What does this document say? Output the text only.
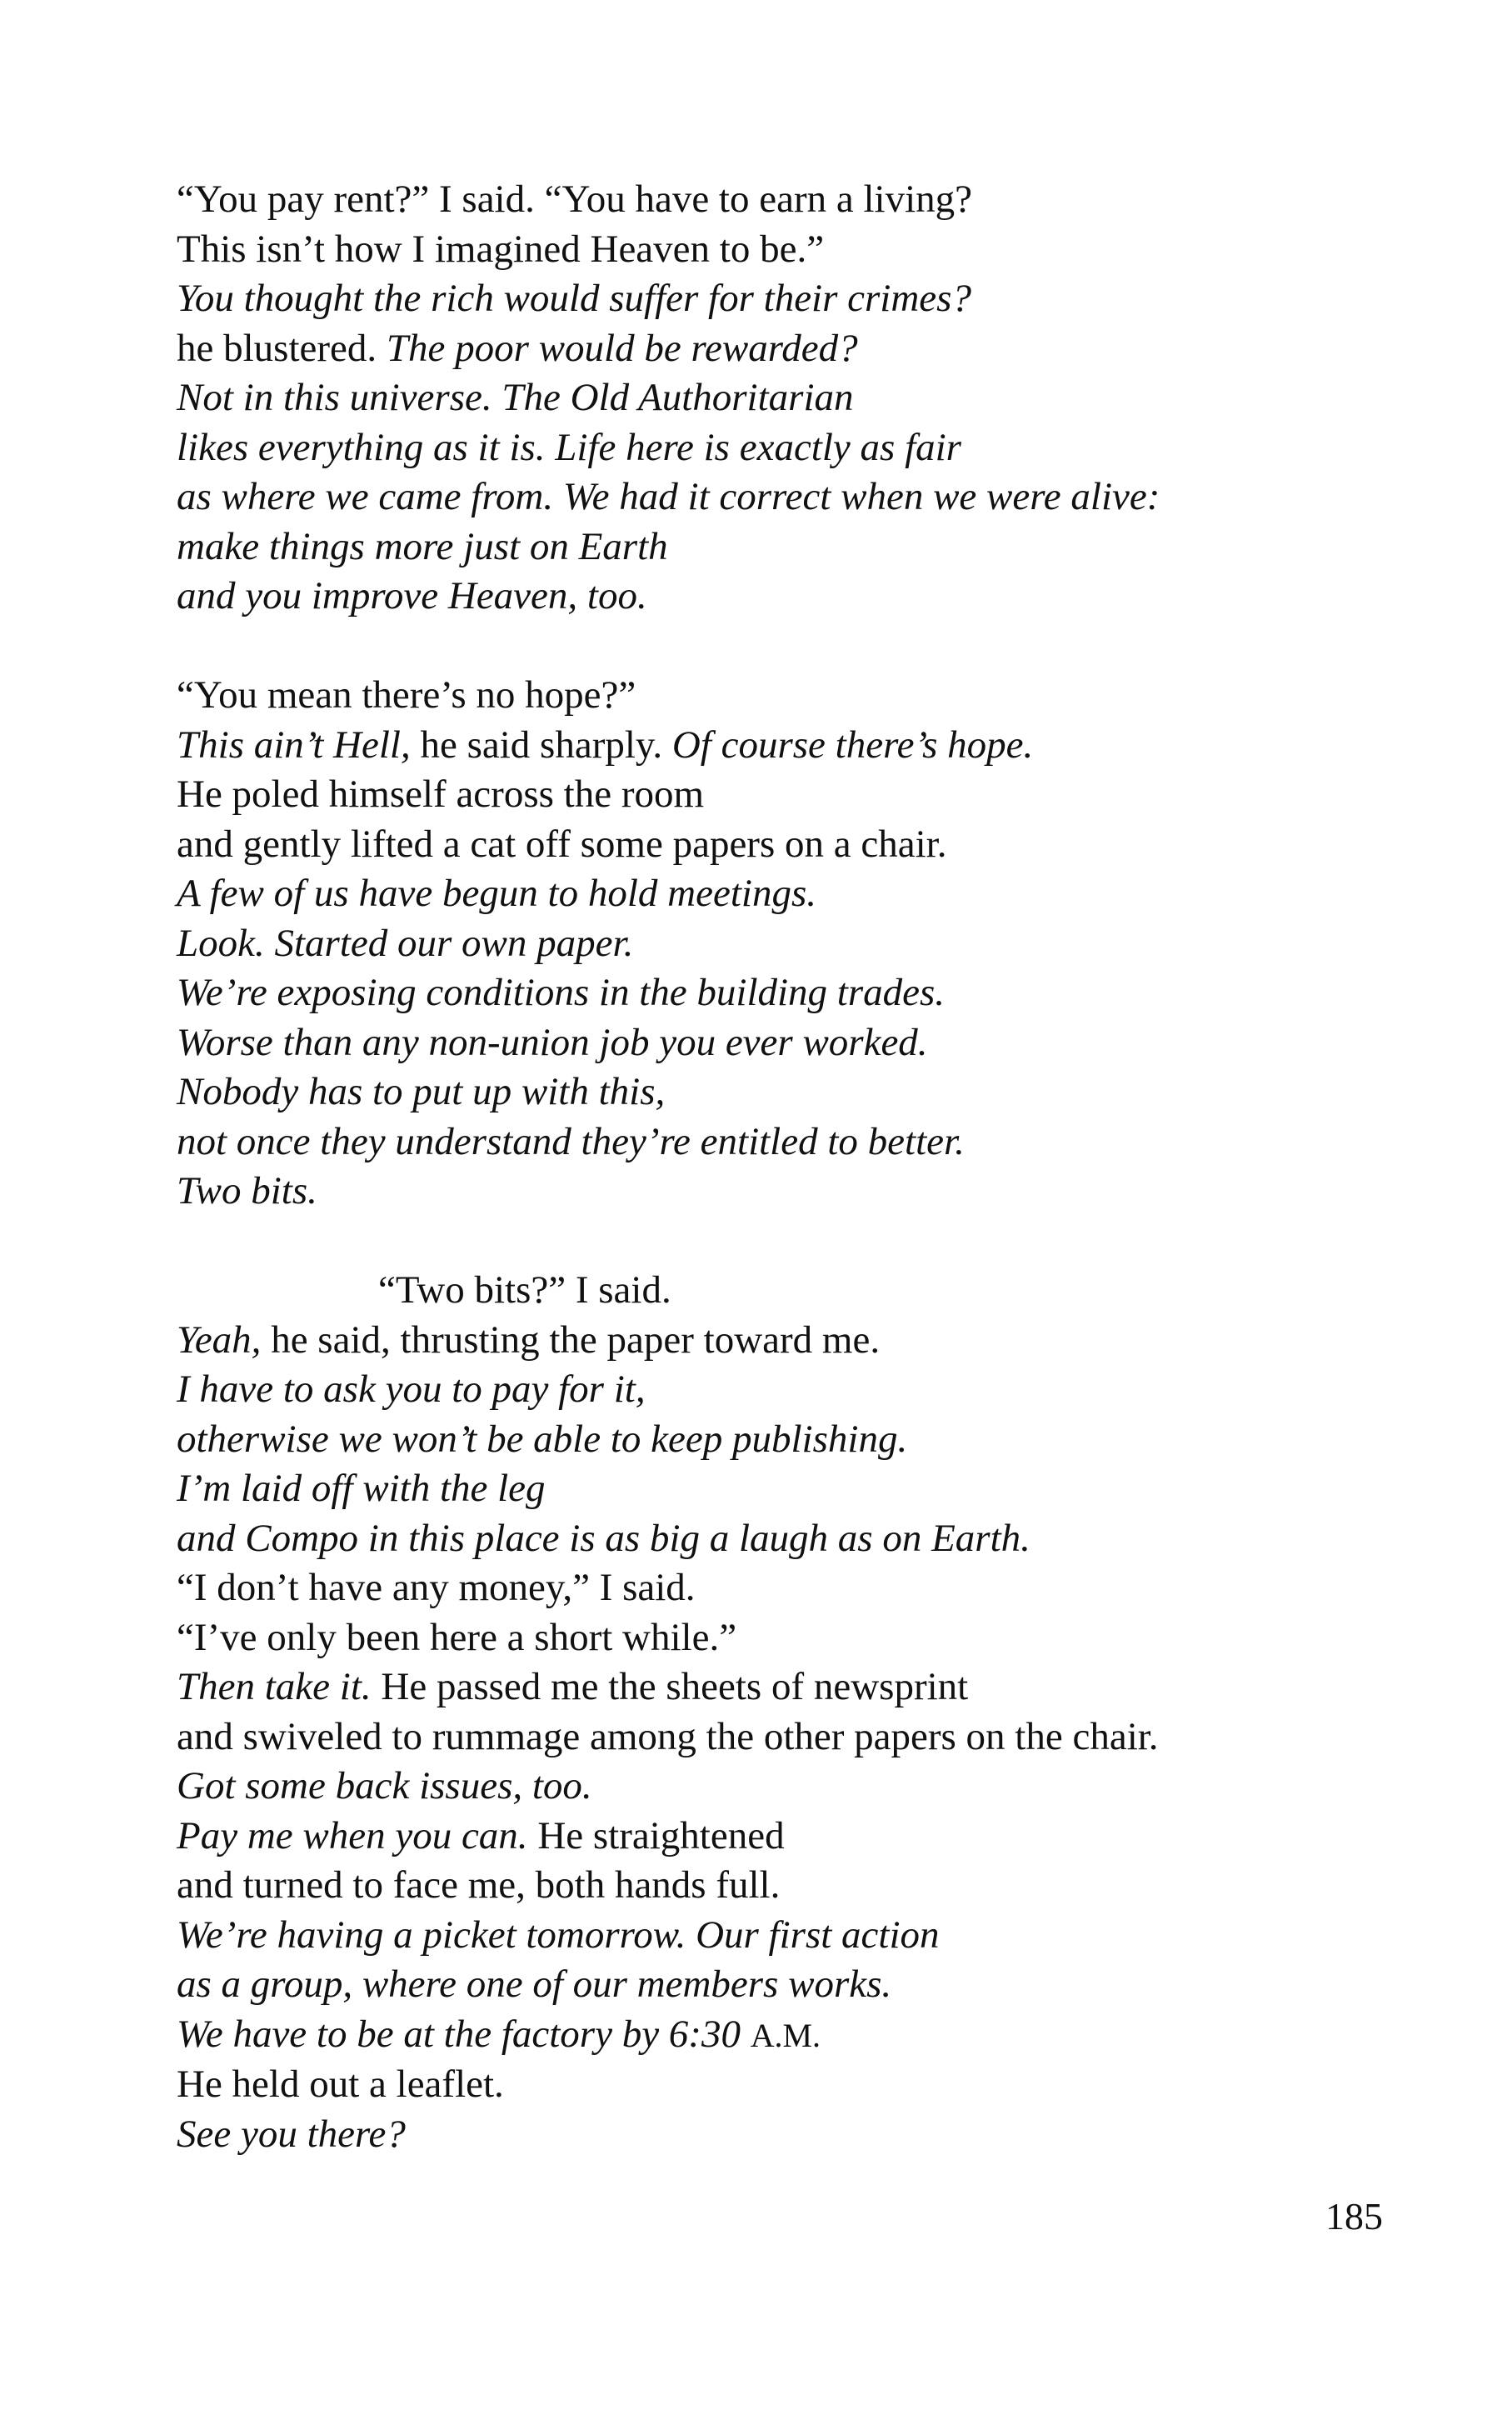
“You pay rent?” I said. “You have to earn a living?
This isn’t how I imagined Heaven to be.”
You thought the rich would suffer for their crimes?
he blustered. The poor would be rewarded?
Not in this universe. The Old Authoritarian
likes everything as it is. Life here is exactly as fair
as where we came from. We had it correct when we were alive:
make things more just on Earth
and you improve Heaven, too.
“You mean there’s no hope?”
This ain’t Hell, he said sharply. Of course there’s hope.
He poled himself across the room
and gently lifted a cat off some papers on a chair.
A few of us have begun to hold meetings.
Look. Started our own paper.
We’re exposing conditions in the building trades.
Worse than any non-union job you ever worked.
Nobody has to put up with this,
not once they understand they’re entitled to better.
Two bits.
“Two bits?” I said.
Yeah, he said, thrusting the paper toward me.
I have to ask you to pay for it,
otherwise we won’t be able to keep publishing.
I’m laid off with the leg
and Compo in this place is as big a laugh as on Earth.
“I don’t have any money,” I said.
“I’ve only been here a short while.”
Then take it. He passed me the sheets of newsprint
and swiveled to rummage among the other papers on the chair.
Got some back issues, too.
Pay me when you can. He straightened
and turned to face me, both hands full.
We’re having a picket tomorrow. Our first action
as a group, where one of our members works.
We have to be at the factory by 6:30 A.M.
He held out a leaflet.
See you there?
185
